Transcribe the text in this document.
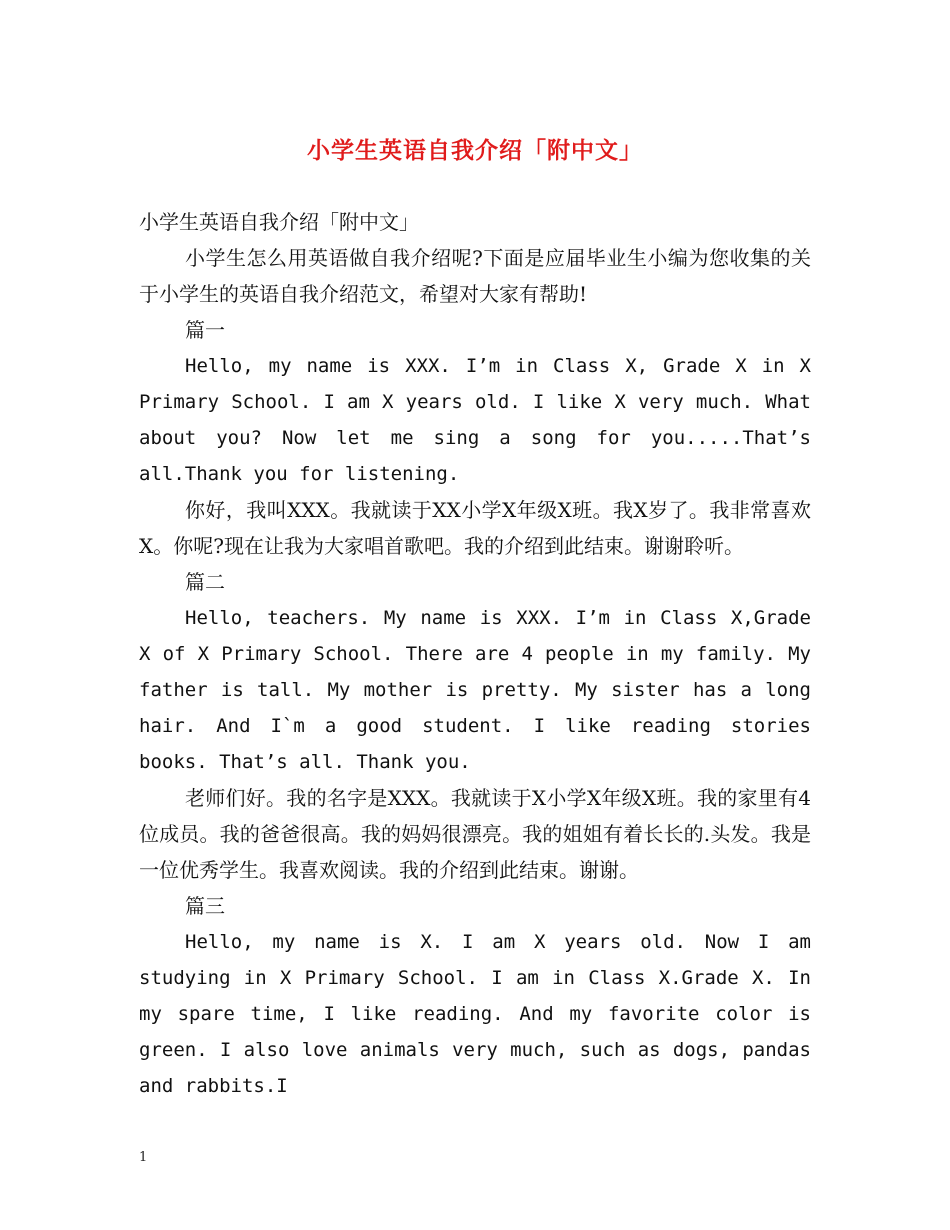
小学生英语自我介绍「附中文」

小学生英语自我介绍「附中文」

小学生怎么用英语做自我介绍呢?下面是应届毕业生小编为您收集的关于小学生的英语自我介绍范文，希望对大家有帮助!

篇一

Hello, my name is XXX. I’m in Class X, Grade X in X Primary School. I am X years old. I like X very much. What about you? Now let me sing a song for you.....That’s all.Thank you for listening.

你好，我叫XXX。我就读于XX小学X年级X班。我X岁了。我非常喜欢X。你呢?现在让我为大家唱首歌吧。我的介绍到此结束。谢谢聆听。

篇二

Hello, teachers. My name is XXX. I’m in Class X,Grade X of X Primary School. There are 4 people in my family. My father is tall. My mother is pretty. My sister has a long hair. And I`m a good student. I like reading stories books. That’s all. Thank you.

老师们好。我的名字是XXX。我就读于X小学X年级X班。我的家里有4位成员。我的爸爸很高。我的妈妈很漂亮。我的姐姐有着长长的.头发。我是一位优秀学生。我喜欢阅读。我的介绍到此结束。谢谢。

篇三

Hello, my name is X. I am X years old. Now I am studying in X Primary School. I am in Class X.Grade X. In my spare time, I like reading. And my favorite color is green. I also love animals very much, such as dogs, pandas and rabbits.I

1
